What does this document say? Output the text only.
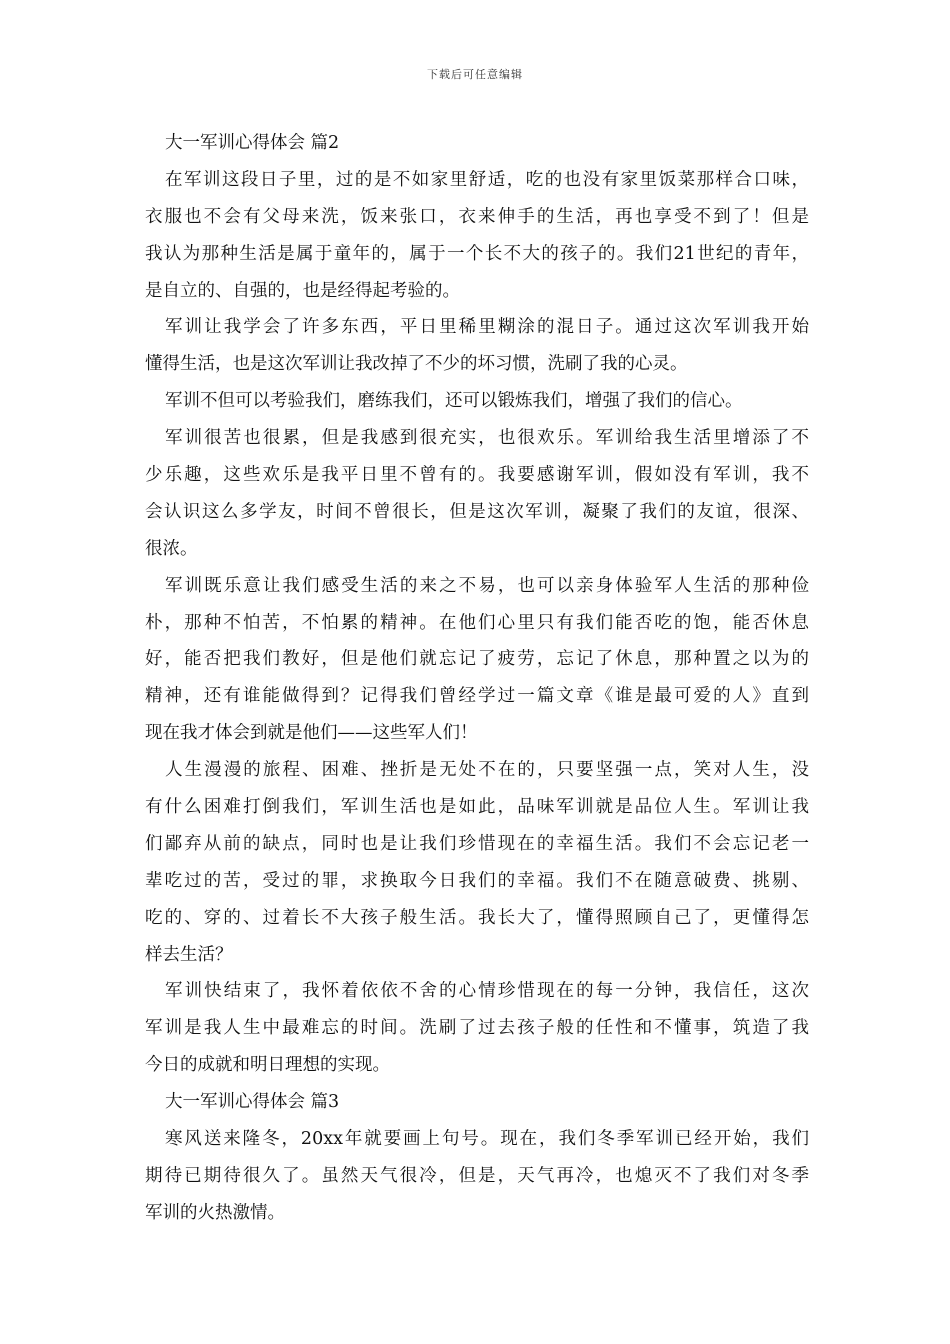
下载后可任意编辑
大一军训心得体会 篇2
在军训这段日子里，过的是不如家里舒适，吃的也没有家里饭菜那样合口味，
衣服也不会有父母来洗，饭来张口，衣来伸手的生活，再也享受不到了！但是
我认为那种生活是属于童年的，属于一个长不大的孩子的。我们21世纪的青年，
是自立的、自强的，也是经得起考验的。
军训让我学会了许多东西，平日里稀里糊涂的混日子。通过这次军训我开始
懂得生活，也是这次军训让我改掉了不少的坏习惯，洗刷了我的心灵。
军训不但可以考验我们，磨练我们，还可以锻炼我们，增强了我们的信心。
军训很苦也很累，但是我感到很充实，也很欢乐。军训给我生活里增添了不
少乐趣，这些欢乐是我平日里不曾有的。我要感谢军训，假如没有军训，我不
会认识这么多学友，时间不曾很长，但是这次军训，凝聚了我们的友谊，很深、
很浓。
军训既乐意让我们感受生活的来之不易，也可以亲身体验军人生活的那种俭
朴，那种不怕苦，不怕累的精神。在他们心里只有我们能否吃的饱，能否休息
好，能否把我们教好，但是他们就忘记了疲劳，忘记了休息，那种置之以为的
精神，还有谁能做得到？记得我们曾经学过一篇文章《谁是最可爱的人》直到
现在我才体会到就是他们——这些军人们！
人生漫漫的旅程、困难、挫折是无处不在的，只要坚强一点，笑对人生，没
有什么困难打倒我们，军训生活也是如此，品味军训就是品位人生。军训让我
们鄙弃从前的缺点，同时也是让我们珍惜现在的幸福生活。我们不会忘记老一
辈吃过的苦，受过的罪，求换取今日我们的幸福。我们不在随意破费、挑剔、
吃的、穿的、过着长不大孩子般生活。我长大了，懂得照顾自己了，更懂得怎
样去生活？
军训快结束了，我怀着依依不舍的心情珍惜现在的每一分钟，我信任，这次
军训是我人生中最难忘的时间。洗刷了过去孩子般的任性和不懂事，筑造了我
今日的成就和明日理想的实现。
大一军训心得体会 篇3
寒风送来隆冬，20xx年就要画上句号。现在，我们冬季军训已经开始，我们
期待已期待很久了。虽然天气很冷，但是，天气再冷，也熄灭不了我们对冬季
军训的火热激情。
